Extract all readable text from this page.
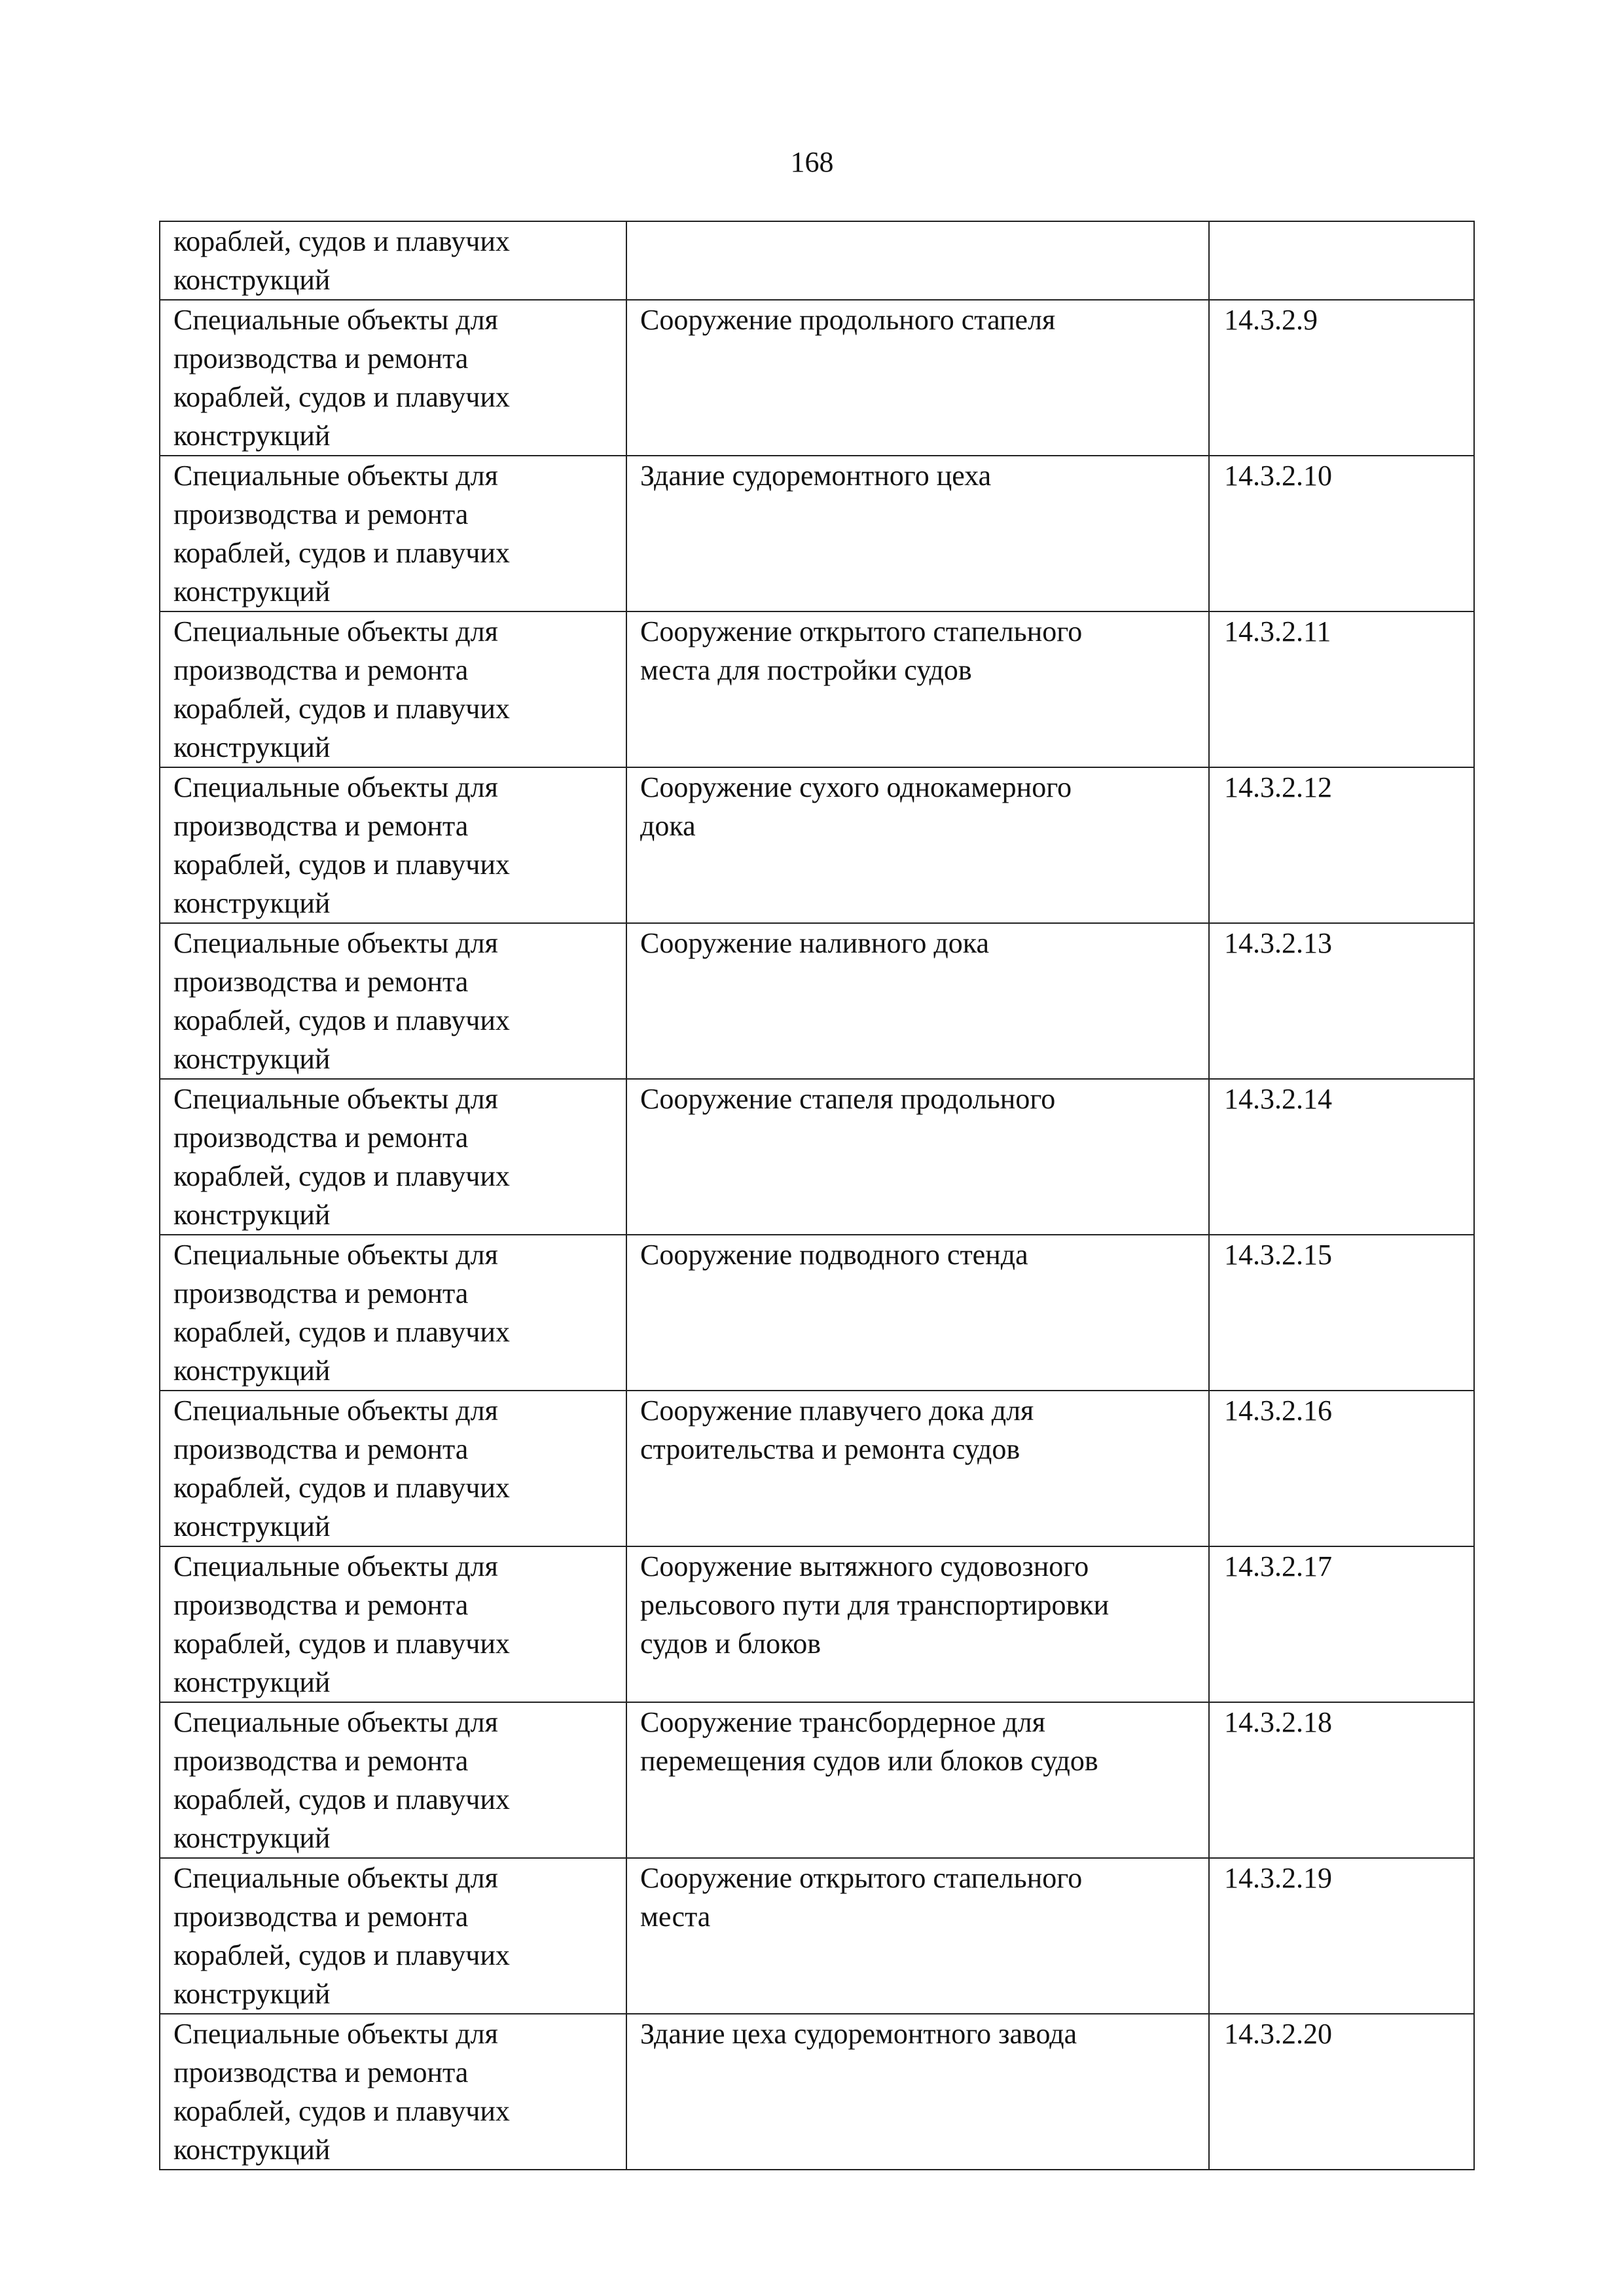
168
кораблей, судов и плавучих
конструкций		

Специальные объекты для
производства и ремонта
кораблей, судов и плавучих
конструкций	Сооружение продольного стапеля	14.3.2.9

Специальные объекты для
производства и ремонта
кораблей, судов и плавучих
конструкций	Здание судоремонтного цеха	14.3.2.10

Специальные объекты для
производства и ремонта
кораблей, судов и плавучих
конструкций	Сооружение открытого стапельного
места для постройки судов	14.3.2.11

Специальные объекты для
производства и ремонта
кораблей, судов и плавучих
конструкций	Сооружение сухого однокамерного
дока	14.3.2.12

Специальные объекты для
производства и ремонта
кораблей, судов и плавучих
конструкций	Сооружение наливного дока	14.3.2.13

Специальные объекты для
производства и ремонта
кораблей, судов и плавучих
конструкций	Сооружение стапеля продольного	14.3.2.14

Специальные объекты для
производства и ремонта
кораблей, судов и плавучих
конструкций	Сооружение подводного стенда	14.3.2.15

Специальные объекты для
производства и ремонта
кораблей, судов и плавучих
конструкций	Сооружение плавучего дока для
строительства и ремонта судов	14.3.2.16

Специальные объекты для
производства и ремонта
кораблей, судов и плавучих
конструкций	Сооружение вытяжного судовозного
рельсового пути для транспортировки
судов и блоков	14.3.2.17

Специальные объекты для
производства и ремонта
кораблей, судов и плавучих
конструкций	Сооружение трансбордерное для
перемещения судов или блоков судов	14.3.2.18

Специальные объекты для
производства и ремонта
кораблей, судов и плавучих
конструкций	Сооружение открытого стапельного
места	14.3.2.19

Специальные объекты для
производства и ремонта
кораблей, судов и плавучих
конструкций	Здание цеха судоремонтного завода	14.3.2.20
